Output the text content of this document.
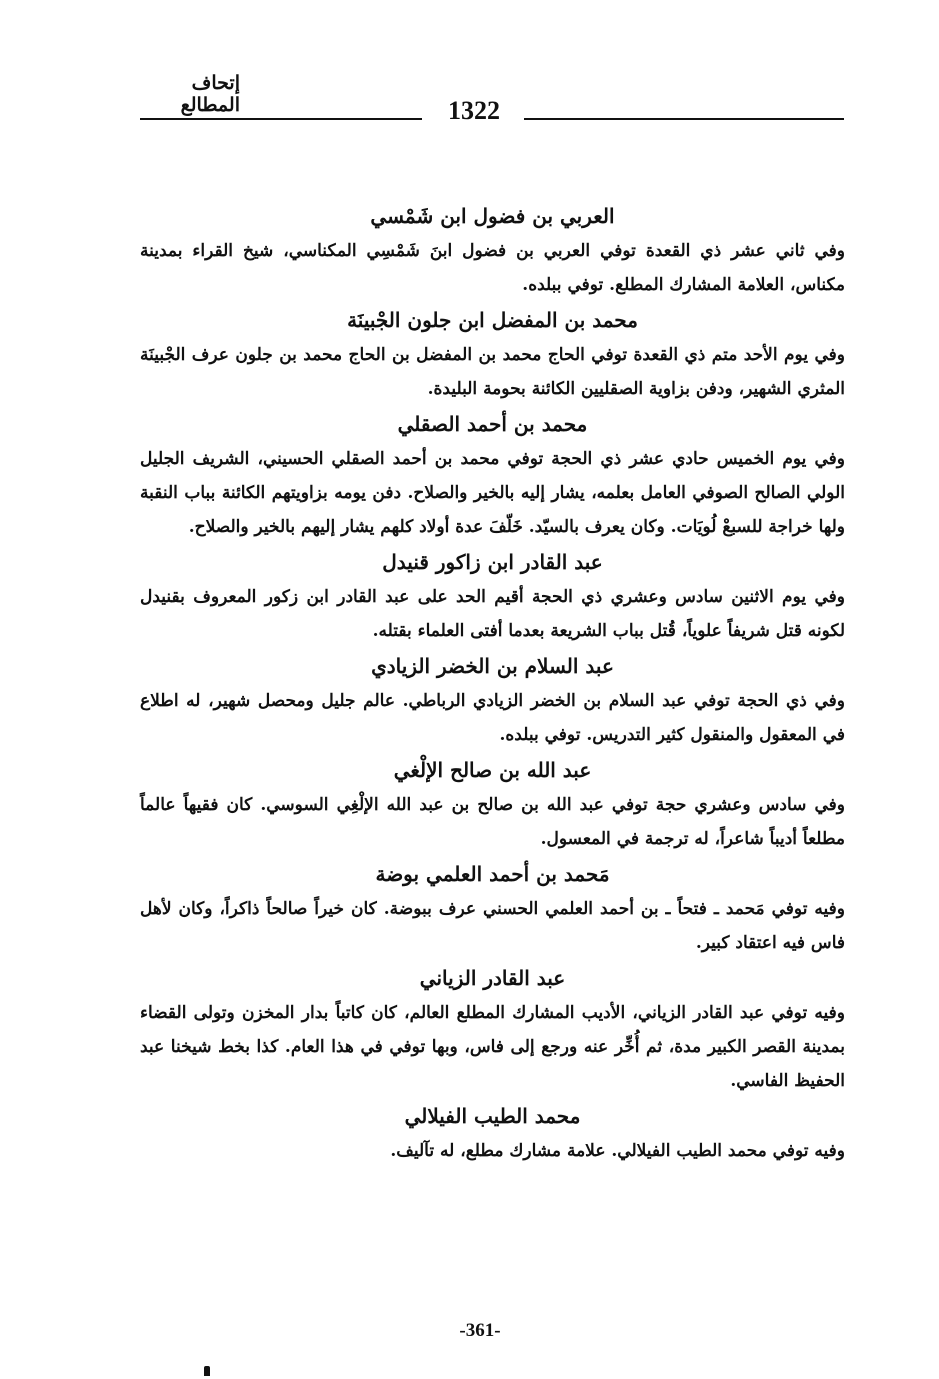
إتحاف المطالع	1322

العربي بن فضول ابن شَمْسي

وفي ثاني عشر ذي القعدة توفي العربي بن فضول ابنَ شَمْسِي المكناسي، شيخ القراء بمدينة مكناس، العلامة المشارك المطلع. توفي ببلده.

محمد بن المفضل ابن جلون الجْبينَة

وفي يوم الأحد متم ذي القعدة توفي الحاج محمد بن المفضل بن الحاج محمد بن جلون عرف الجْبينَة المثري الشهير، ودفن بزاوية الصقليين الكائنة بحومة البليدة.

محمد بن أحمد الصقلي

وفي يوم الخميس حادي عشر ذي الحجة توفي محمد بن أحمد الصقلي الحسيني، الشريف الجليل الولي الصالح الصوفي العامل بعلمه، يشار إليه بالخير والصلاح. دفن يومه بزاويتهم الكائنة بباب النقبة ولها خراجة للسبعْ لُويَات. وكان يعرف بالسيّد. خَلّفَ عدة أولاد كلهم يشار إليهم بالخير والصلاح.

عبد القادر ابن زاكور قنيدل

وفي يوم الاثنين سادس وعشري ذي الحجة أقيم الحد على عبد القادر ابن زكور المعروف بقنيدل لكونه قتل شريفاً علوياً، قُتل بباب الشريعة بعدما أفتى العلماء بقتله.

عبد السلام بن الخضر الزيادي

وفي ذي الحجة توفي عبد السلام بن الخضر الزيادي الرباطي. عالم جليل ومحصل شهير، له اطلاع في المعقول والمنقول كثير التدريس. توفي ببلده.

عبد الله بن صالح الإلْغي

وفي سادس وعشري حجة توفي عبد الله بن صالح بن عبد الله الإلْغِي السوسي. كان فقيهاً عالماً مطلعاً أديباً شاعراً، له ترجمة في المعسول.

مَحمد بن أحمد العلمي بوضة

وفيه توفي مَحمد ـ فتحاً ـ بن أحمد العلمي الحسني عرف ببوضة. كان خيراً صالحاً ذاكراً، وكان لأهل فاس فيه اعتقاد كبير.

عبد القادر الزياني

وفيه توفي عبد القادر الزياني، الأديب المشارك المطلع العالم، كان كاتباً بدار المخزن وتولى القضاء بمدينة القصر الكبير مدة، ثم أُخِّر عنه ورجع إلى فاس، وبها توفي في هذا العام. كذا بخط شيخنا عبد الحفيظ الفاسي.

محمد الطيب الفيلالي

وفيه توفي محمد الطيب الفيلالي. علامة مشارك مطلع، له تآليف.

-361-
